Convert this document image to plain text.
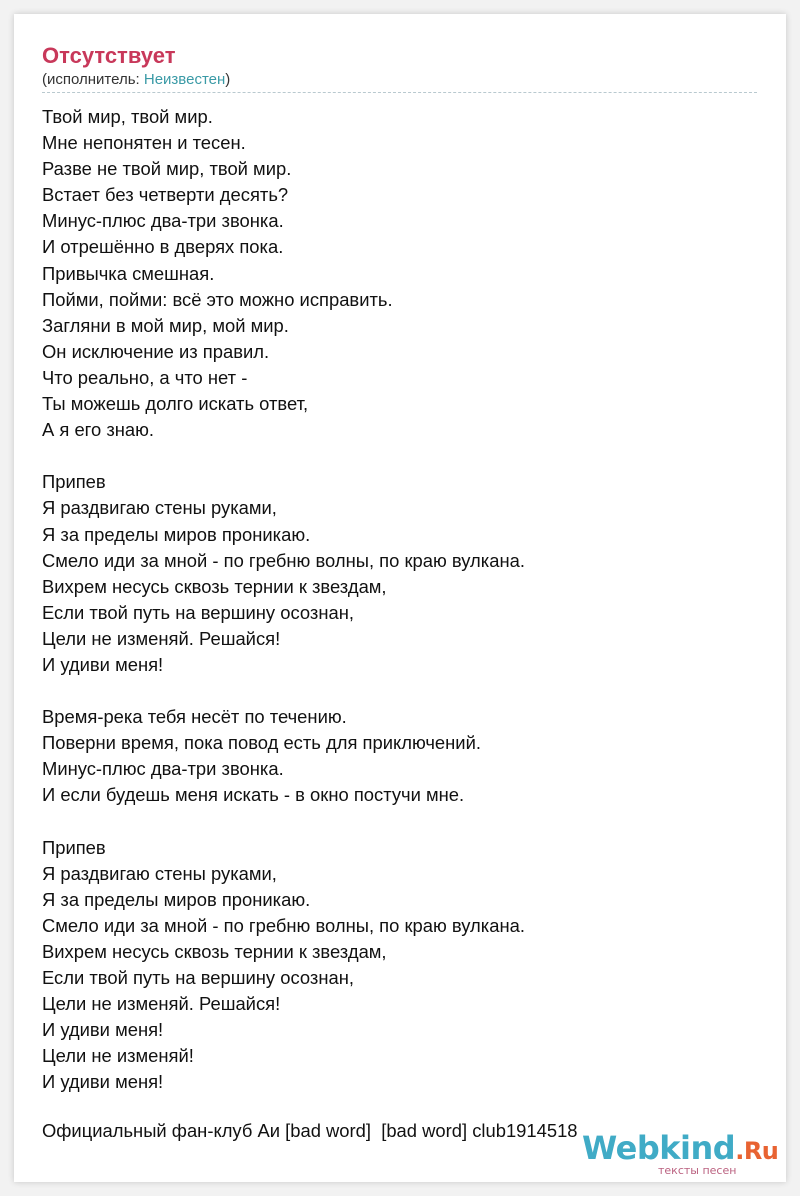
Отсутствует
(исполнитель: Неизвестен)
Твой мир, твой мир.
Мне непонятен и тесен.
Разве не твой мир, твой мир.
Встает без четверти десять?
Минус-плюс два-три звонка.
И отрешённо в дверях пока.
Привычка смешная.
Пойми, пойми: всё это можно исправить.
Загляни в мой мир, мой мир.
Он исключение из правил.
Что реально, а что нет -
Ты можешь долго искать ответ,
А я его знаю.
Припев
Я раздвигаю стены руками,
Я за пределы миров проникаю.
Смело иди за мной - по гребню волны, по краю вулкана.
Вихрем несусь сквозь тернии к звездам,
Если твой путь на вершину осознан,
Цели не изменяй. Решайся!
И удиви меня!
Время-река тебя несёт по течению.
Поверни время, пока повод есть для приключений.
Минус-плюс два-три звонка.
И если будешь меня искать - в окно постучи мне.
Припев
Я раздвигаю стены руками,
Я за пределы миров проникаю.
Смело иди за мной - по гребню волны, по краю вулкана.
Вихрем несусь сквозь тернии к звездам,
Если твой путь на вершину осознан,
Цели не изменяй. Решайся!
И удиви меня!
Цели не изменяй!
И удиви меня!
Официальный фан-клуб Аи [bad word]  [bad word] club1914518 Webkind.Ru
тексты песен
